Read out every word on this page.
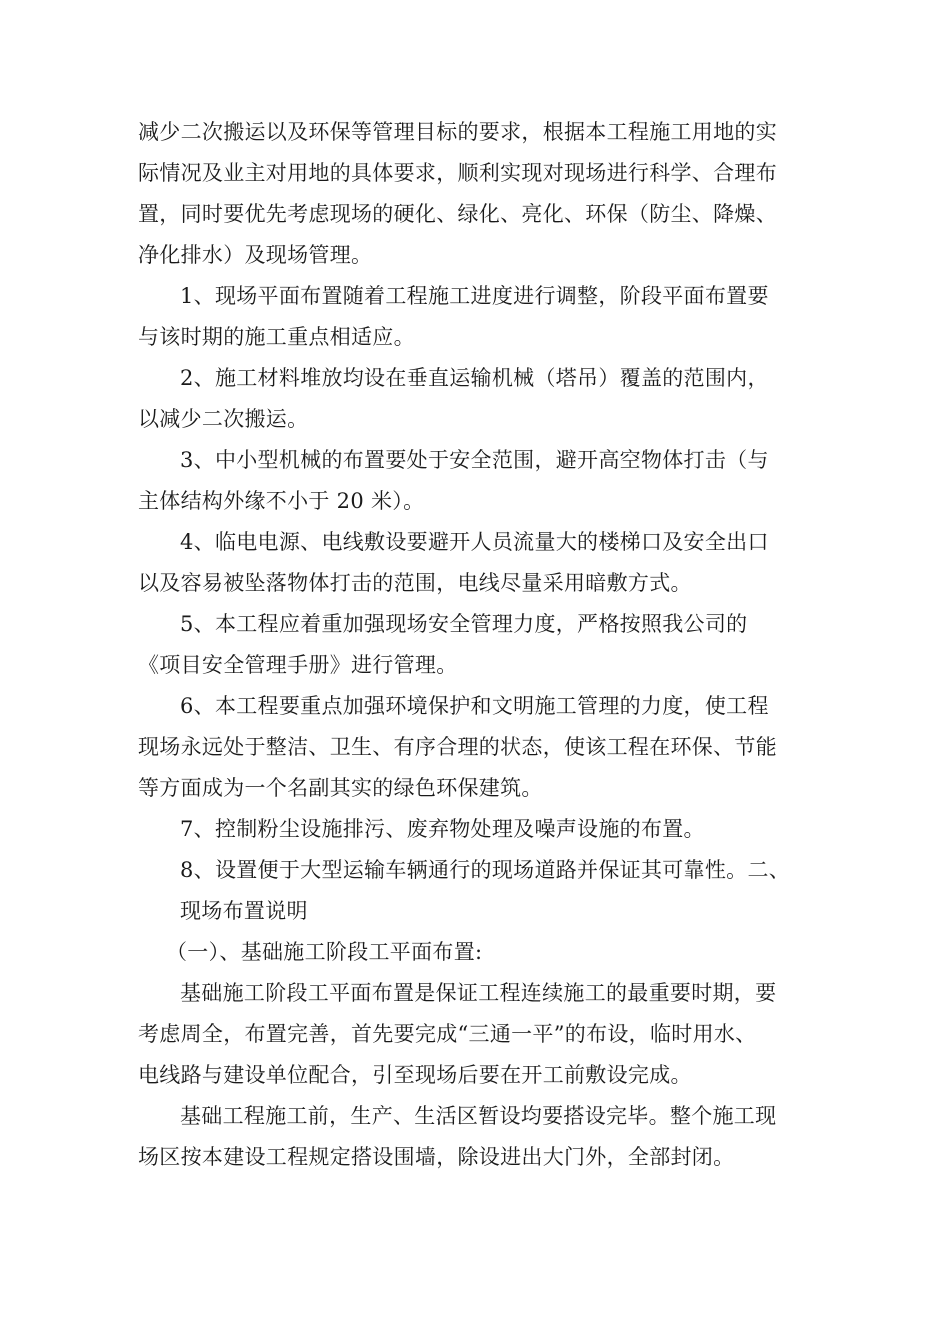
减少二次搬运以及环保等管理目标的要求，根据本工程施工用地的实
际情况及业主对用地的具体要求，顺利实现对现场进行科学、合理布
置，同时要优先考虑现场的硬化、绿化、亮化、环保（防尘、降燥、
净化排水）及现场管理。

1、现场平面布置随着工程施工进度进行调整，阶段平面布置要
与该时期的施工重点相适应。

2、施工材料堆放均设在垂直运输机械（塔吊）覆盖的范围内，
以减少二次搬运。

3、中小型机械的布置要处于安全范围，避开高空物体打击（与
主体结构外缘不小于 20 米）。

4、临电电源、电线敷设要避开人员流量大的楼梯口及安全出口
以及容易被坠落物体打击的范围，电线尽量采用暗敷方式。

5、本工程应着重加强现场安全管理力度，严格按照我公司的
《项目安全管理手册》进行管理。

6、本工程要重点加强环境保护和文明施工管理的力度，使工程
现场永远处于整洁、卫生、有序合理的状态，使该工程在环保、节能
等方面成为一个名副其实的绿色环保建筑。

7、控制粉尘设施排污、废弃物处理及噪声设施的布置。

8、设置便于大型运输车辆通行的现场道路并保证其可靠性。二、
现场布置说明

（一）、基础施工阶段工平面布置:

基础施工阶段工平面布置是保证工程连续施工的最重要时期，要
考虑周全，布置完善，首先要完成“三通一平”的布设，临时用水、
电线路与建设单位配合，引至现场后要在开工前敷设完成。

基础工程施工前，生产、生活区暂设均要搭设完毕。整个施工现
场区按本建设工程规定搭设围墙，除设进出大门外，全部封闭。
